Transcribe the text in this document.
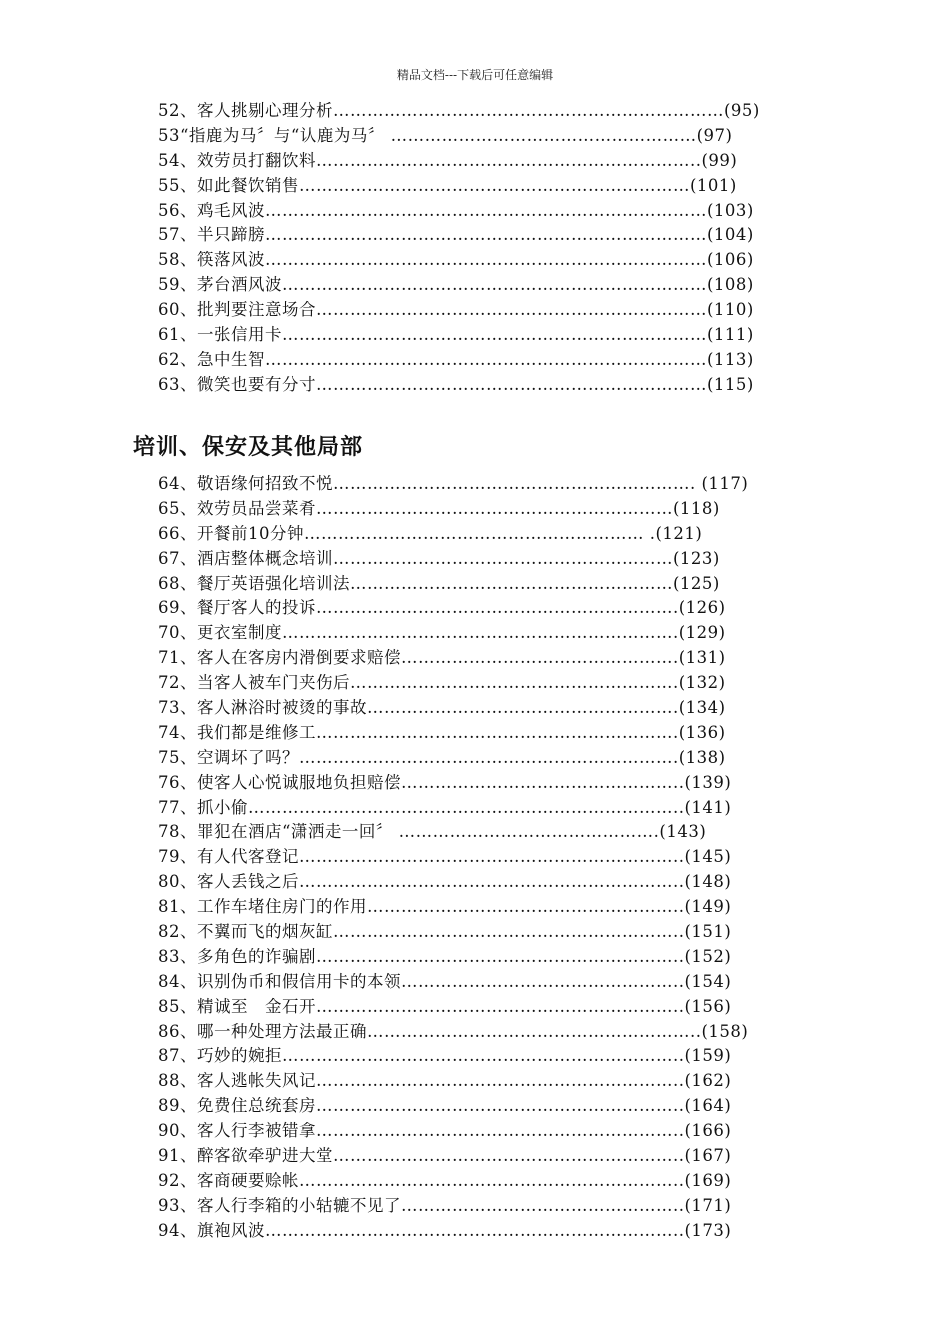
精品文档---下载后可任意编辑
52、客人挑剔心理分析……………………………………………………………(95)
53“指鹿为马〞与“认鹿为马〞 ………………………………………………(97)
54、效劳员打翻饮料…………………………………………………………..(99)
55、如此餐饮销售……………………………………………………………(101)
56、鸡毛风波……………………………………………………………………(103)
57、半只蹄膀……………………………………………………………………(104)
58、筷落风波……………………………………………………………………(106)
59、茅台酒风波…………………………………………………………………(108)
60、批判要注意场合……………………………………………………………(110)
61、一张信用卡…………………………………………………………………(111)
62、急中生智……………………………………………………………………(113)
63、微笑也要有分寸……………………………………………………………(115)
培训、保安及其他局部
64、敬语缘何招致不悦………………………………………………………. (117)
65、效劳员品尝菜肴………………………………………………………(118)
66、开餐前10分钟…………………………………………………… .(121)
67、酒店整体概念培训……………………………………………………(123)
68、餐厅英语强化培训法…………………………………………………(125)
69、餐厅客人的投诉……………………………………………………….(126)
70、更衣室制度…………………………………………………………….(129)
71、客人在客房内滑倒要求赔偿………………………………………….(131)
72、当客人被车门夹伤后………………………………………………….(132)
73、客人淋浴时被烫的事故……………………………………………….(134)
74、我们都是维修工……………………………………………………….(136)
75、空调坏了吗？………………………………………………………….(138)
76、使客人心悦诚服地负担赔偿…………………………………………..(139)
77、抓小偷…………………………………………………………………..(141)
78、罪犯在酒店“潇洒走一回〞 ……………………………………….(143)
79、有人代客登记…………………………………………………………..(145)
80、客人丢钱之后…………………………………………………………..(148)
81、工作车堵住房门的作用………………………………………………..(149)
82、不翼而飞的烟灰缸……………………………………………………..(151)
83、多角色的诈骗剧………………………………………………………..(152)
84、识别伪币和假信用卡的本领…………………………………………..(154)
85、精诚至　金石开………………………………………………………..(156)
86、哪一种处理方法最正确…………………………………………………..(158)
87、巧妙的婉拒……………………………………………………………..(159)
88、客人逃帐失风记………………………………………………………..(162)
89、免费住总统套房………………………………………………………..(164)
90、客人行李被错拿………………………………………………………..(166)
91、醉客欲牵驴进大堂……………………………………………………..(167)
92、客商硬要赊帐…………………………………………………………..(169)
93、客人行李箱的小轱辘不见了…………………………………………..(171)
94、旗袍风波………………………………………………………………..(173)
